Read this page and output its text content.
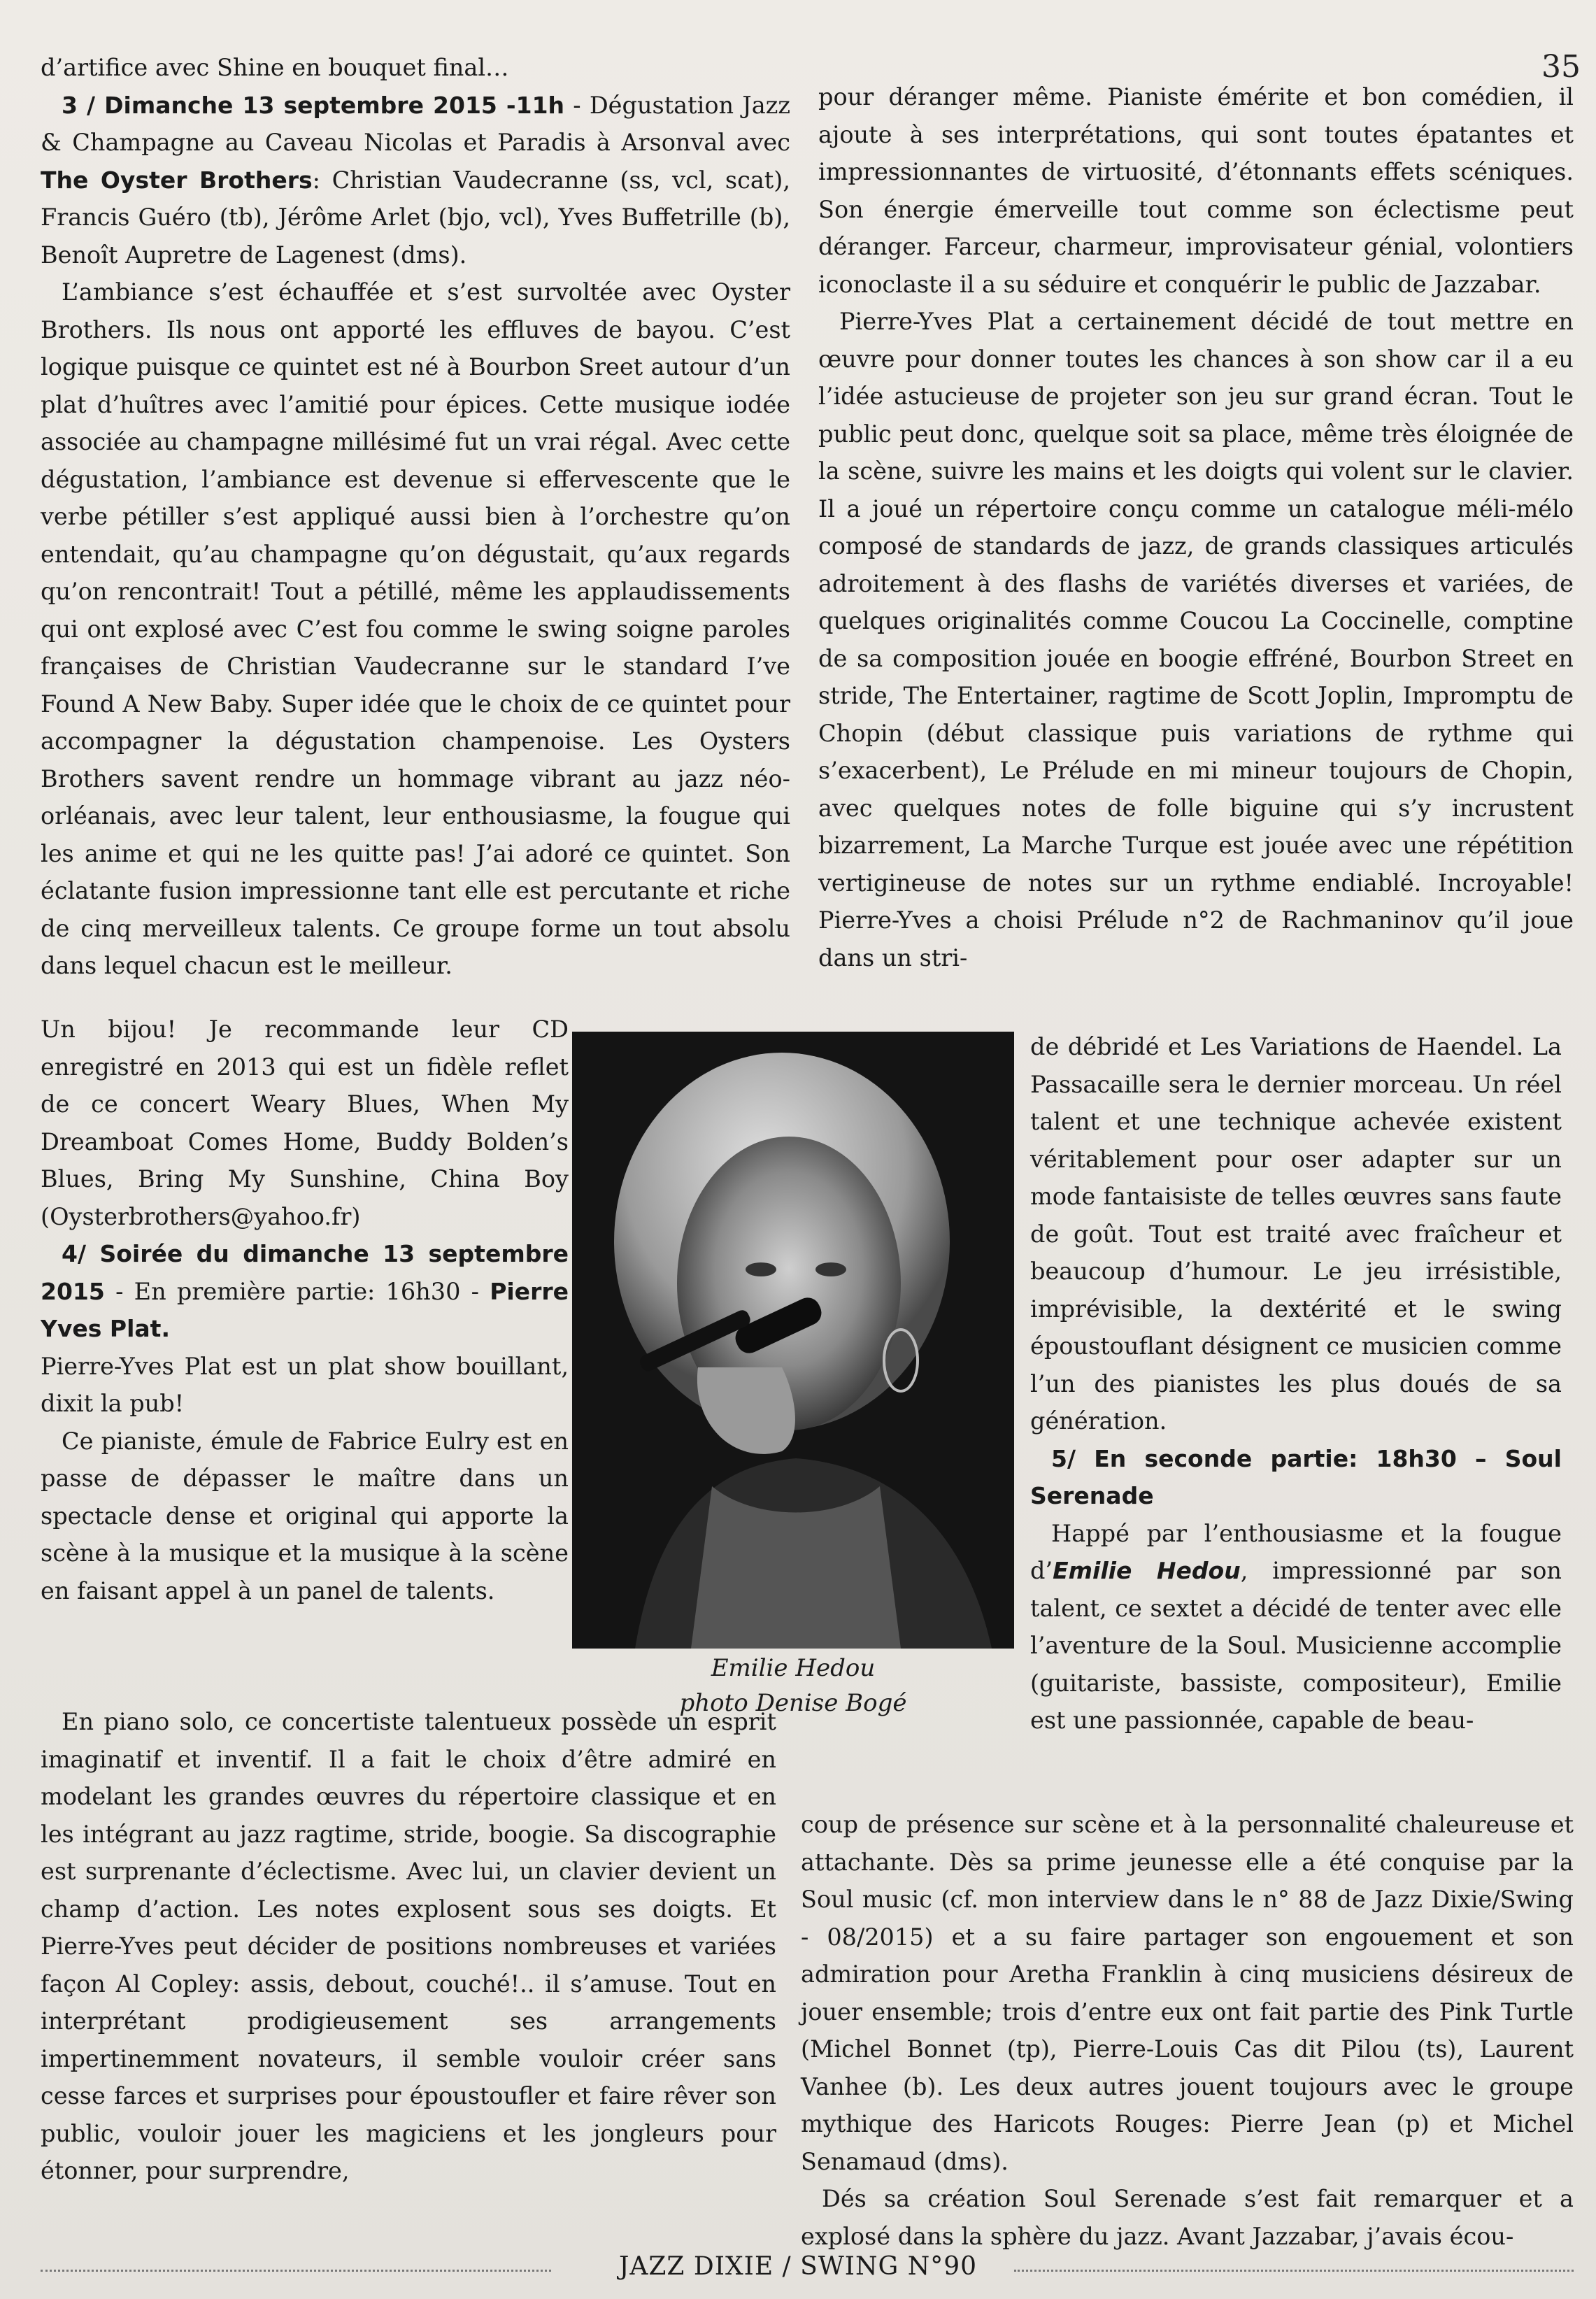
35

d’artifice avec Shine en bouquet final…

3 / Dimanche 13 septembre 2015 -11h - Dégustation Jazz & Champagne au Caveau Nicolas et Paradis à Arsonval avec The Oyster Brothers: Christian Vaudecranne (ss, vcl, scat), Francis Guéro (tb), Jérôme Arlet (bjo, vcl), Yves Buffetrille (b), Benoît Aupretre de Lagenest (dms).

L’ambiance s’est échauffée et s’est survoltée avec Oyster Brothers. Ils nous ont apporté les effluves de bayou. C’est logique puisque ce quintet est né à Bourbon Sreet autour d’un plat d’huîtres avec l’amitié pour épices. Cette musique iodée associée au champagne millésimé fut un vrai régal. Avec cette dégustation, l’ambiance est devenue si effervescente que le verbe pétiller s’est appliqué aussi bien à l’orchestre qu’on entendait, qu’au champagne qu’on dégustait, qu’aux regards qu’on rencontrait! Tout a pétillé, même les applaudissements qui ont explosé avec C’est fou comme le swing soigne paroles françaises de Christian Vaudecranne sur le standard I’ve Found A New Baby. Super idée que le choix de ce quintet pour accompagner la dégustation champenoise. Les Oysters Brothers savent rendre un hommage vibrant au jazz néo-orléanais, avec leur talent, leur enthousiasme, la fougue qui les anime et qui ne les quitte pas! J’ai adoré ce quintet. Son éclatante fusion impressionne tant elle est percutante et riche de cinq merveilleux talents. Ce groupe forme un tout absolu dans lequel chacun est le meilleur.

Un bijou! Je recommande leur CD enregistré en 2013 qui est un fidèle reflet de ce concert Weary Blues, When My Dreamboat Comes Home, Buddy Bolden’s Blues, Bring My Sunshine, China Boy (Oysterbrothers@yahoo.fr)

4/ Soirée du dimanche 13 septembre 2015 - En première partie: 16h30 - Pierre Yves Plat.

Pierre-Yves Plat est un plat show bouillant, dixit la pub!

Ce pianiste, émule de Fabrice Eulry est en passe de dépasser le maître dans un spectacle dense et original qui apporte la scène à la musique et la musique à la scène en faisant appel à un panel de talents.

En piano solo, ce concertiste talentueux possède un esprit imaginatif et inventif. Il a fait le choix d’être admiré en modelant les grandes œuvres du répertoire classique et en les intégrant au jazz ragtime, stride, boogie. Sa discographie est surprenante d’éclectisme. Avec lui, un clavier devient un champ d’action. Les notes explosent sous ses doigts. Et Pierre-Yves peut décider de positions nombreuses et variées façon Al Copley: assis, debout, couché!.. il s’amuse. Tout en interprétant prodigieusement ses arrangements impertinemment novateurs, il semble vouloir créer sans cesse farces et surprises pour époustoufler et faire rêver son public, vouloir jouer les magiciens et les jongleurs pour étonner, pour surprendre,

pour déranger même. Pianiste émérite et bon comédien, il ajoute à ses interprétations, qui sont toutes épatantes et impressionnantes de virtuosité, d’étonnants effets scéniques. Son énergie émerveille tout comme son éclectisme peut déranger. Farceur, charmeur, improvisateur génial, volontiers iconoclaste il a su séduire et conquérir le public de Jazzabar.

Pierre-Yves Plat a certainement décidé de tout mettre en œuvre pour donner toutes les chances à son show car il a eu l’idée astucieuse de projeter son jeu sur grand écran. Tout le public peut donc, quelque soit sa place, même très éloignée de la scène, suivre les mains et les doigts qui volent sur le clavier. Il a joué un répertoire conçu comme un catalogue méli-mélo composé de standards de jazz, de grands classiques articulés adroitement à des flashs de variétés diverses et variées, de quelques originalités comme Coucou La Coccinelle, comptine de sa composition jouée en boogie effréné, Bourbon Street en stride, The Entertainer, ragtime de Scott Joplin, Impromptu de Chopin (début classique puis variations de rythme qui s’exacerbent), Le Prélude en mi mineur toujours de Chopin, avec quelques notes de folle biguine qui s’y incrustent bizarrement, La Marche Turque est jouée avec une répétition vertigineuse de notes sur un rythme endiablé. Incroyable! Pierre-Yves a choisi Prélude n°2 de Rachmaninov qu’il joue dans un stri-

Emilie Hedou
photo Denise Bogé

de débridé et Les Variations de Haendel. La Passacaille sera le dernier morceau. Un réel talent et une technique achevée existent véritablement pour oser adapter sur un mode fantaisiste de telles œuvres sans faute de goût. Tout est traité avec fraîcheur et beaucoup d’humour. Le jeu irrésistible, imprévisible, la dextérité et le swing époustouflant désignent ce musicien comme l’un des pianistes les plus doués de sa génération.

5/ En seconde partie: 18h30 – Soul Serenade

Happé par l’enthousiasme et la fougue d’Emilie Hedou, impressionné par son talent, ce sextet a décidé de tenter avec elle l’aventure de la Soul. Musicienne accomplie (guitariste, bassiste, compositeur), Emilie est une passionnée, capable de beau-

coup de présence sur scène et à la personnalité chaleureuse et attachante. Dès sa prime jeunesse elle a été conquise par la Soul music (cf. mon interview dans le n° 88 de Jazz Dixie/Swing - 08/2015) et a su faire partager son engouement et son admiration pour Aretha Franklin à cinq musiciens désireux de jouer ensemble; trois d’entre eux ont fait partie des Pink Turtle (Michel Bonnet (tp), Pierre-Louis Cas dit Pilou (ts), Laurent Vanhee (b). Les deux autres jouent toujours avec le groupe mythique des Haricots Rouges: Pierre Jean (p) et Michel Senamaud (dms).

Dés sa création Soul Serenade s’est fait remarquer et a explosé dans la sphère du jazz. Avant Jazzabar, j’avais écou-

JAZZ DIXIE / SWING N°90
